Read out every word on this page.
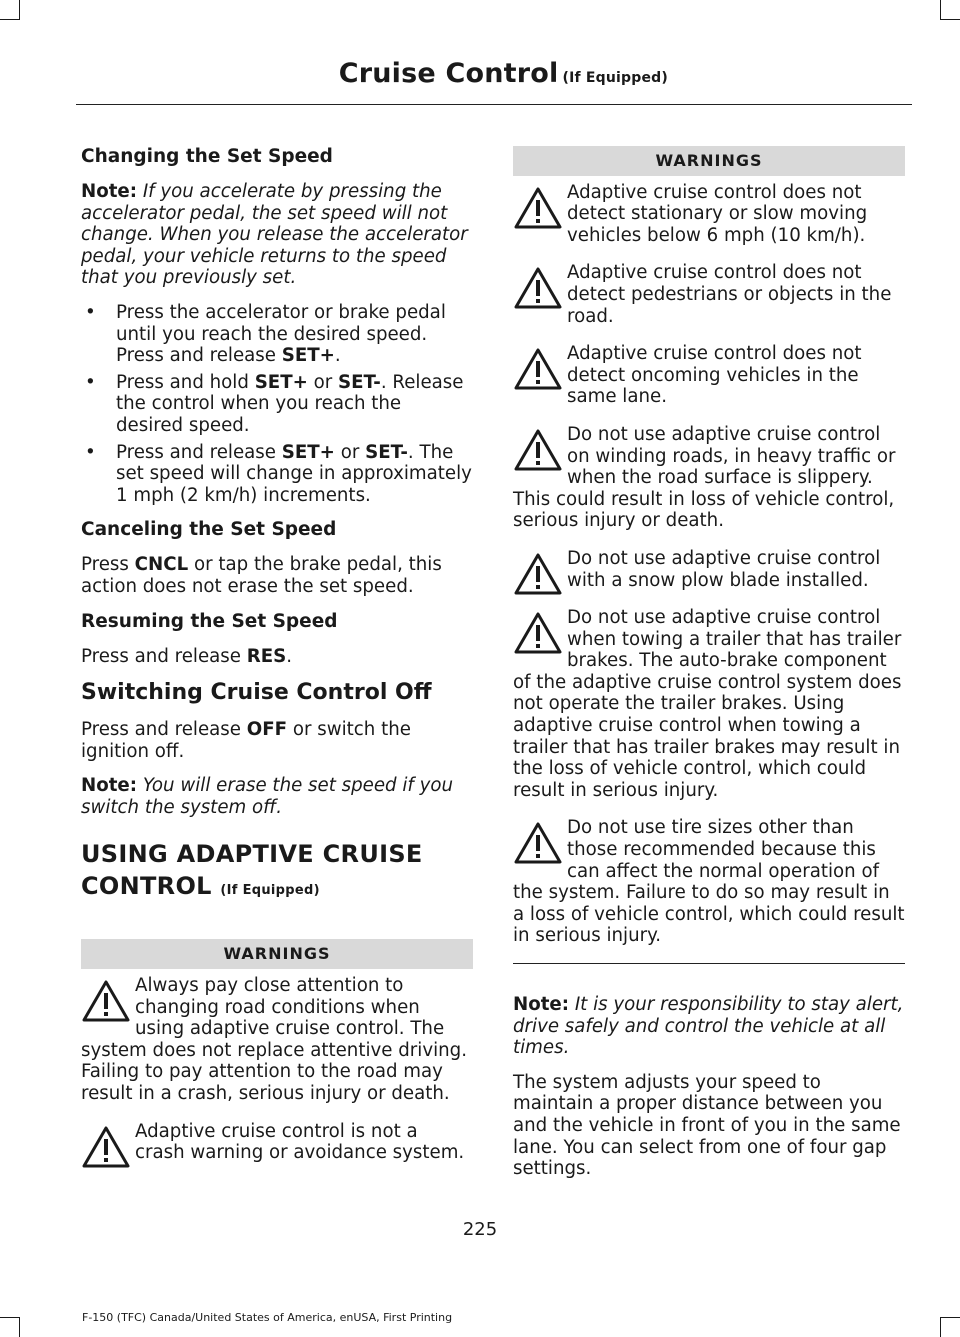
Cruise Control (If Equipped)
Changing the Set Speed

Note: If you accelerate by pressing the accelerator pedal, the set speed will not change. When you release the accelerator pedal, your vehicle returns to the speed that you previously set.

• Press the accelerator or brake pedal until you reach the desired speed. Press and release SET+.
• Press and hold SET+ or SET-. Release the control when you reach the desired speed.
• Press and release SET+ or SET-. The set speed will change in approximately 1 mph (2 km/h) increments.
Canceling the Set Speed

Press CNCL or tap the brake pedal, this action does not erase the set speed.

Resuming the Set Speed

Press and release RES.

Switching Cruise Control Off

Press and release OFF or switch the ignition off.

Note: You will erase the set speed if you switch the system off.

USING ADAPTIVE CRUISE
CONTROL (If Equipped)
WARNINGS

Always pay close attention to changing road conditions when using adaptive cruise control. The system does not replace attentive driving. Failing to pay attention to the road may result in a crash, serious injury or death.

Adaptive cruise control is not a crash warning or avoidance system.

WARNINGS

Adaptive cruise control does not detect stationary or slow moving vehicles below 6 mph (10 km/h).

Adaptive cruise control does not detect pedestrians or objects in the road.

Adaptive cruise control does not detect oncoming vehicles in the same lane.

Do not use adaptive cruise control on winding roads, in heavy traffic or when the road surface is slippery. This could result in loss of vehicle control, serious injury or death.

Do not use adaptive cruise control with a snow plow blade installed.

Do not use adaptive cruise control when towing a trailer that has trailer brakes. The auto-brake component of the adaptive cruise control system does not operate the trailer brakes. Using adaptive cruise control when towing a trailer that has trailer brakes may result in the loss of vehicle control, which could result in serious injury.

Do not use tire sizes other than those recommended because this can affect the normal operation of the system. Failure to do so may result in a loss of vehicle control, which could result in serious injury.

Note: It is your responsibility to stay alert, drive safely and control the vehicle at all times.

The system adjusts your speed to maintain a proper distance between you and the vehicle in front of you in the same lane. You can select from one of four gap settings.

225
F-150 (TFC) Canada/United States of America, enUSA, First Printing
